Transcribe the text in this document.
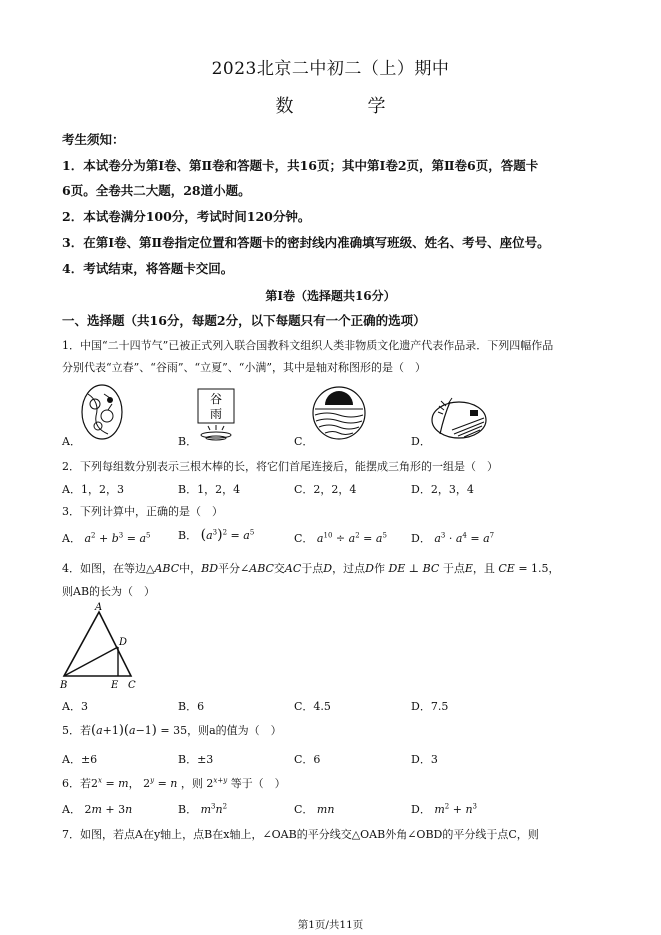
2023北京二中初二（上）期中
数　学
考生须知：
1．本试卷分为第Ⅰ卷、第Ⅱ卷和答题卡，共16页；其中第Ⅰ卷2页，第Ⅱ卷6页，答题卡
6页。全卷共二大题，28道小题。
2．本试卷满分100分，考试时间120分钟。
3．在第Ⅰ卷、第Ⅱ卷指定位置和答题卡的密封线内准确填写班级、姓名、考号、座位号。
4．考试结束，将答题卡交回。
第Ⅰ卷（选择题共16分）
一、选择题（共16分，每题2分，以下每题只有一个正确的选项）
1．中国“二十四节气”已被正式列入联合国教科文组织人类非物质文化遗产代表作品录．下列四幅作品
分别代表“立春”、“谷雨”、“立夏”、“小满”，其中是轴对称图形的是（　）
A．	B．	C．	D．
谷
雨
2．下列每组数分别表示三根木棒的长，将它们首尾连接后，能摆成三角形的一组是（　）
A．1，2，3	B．1，2，4	C．2，2，4	D．2，3，4
3．下列计算中，正确的是（　）
A． $a^2 + b^3 = a^5$	B． $(a^3)^2 = a^5$	C． $a^{10} \div a^2 = a^5$ D． $a^3 \cdot a^4 = a^7$
4．如图，在等边△ABC中，BD平分∠ABC交AC于点D，过点D作 DE ⊥ BC 于点E，且 CE = 1.5，
则AB的长为（　）
A
D
B	E C
A．3	B．6	C．4.5	D．7.5
5．若(a+1)(a−1) = 35，则a的值为（　）
A．±6	B．±3	C．6	D．3
6．若$2^x = m$， $2^y = n$ ，则 $2^{x+y}$ 等于（　）
A． 2m + 3n	B． $m^3n^2$	C． mn	D． $m^2 + n^3$
7．如图，若点A在y轴上，点B在x轴上，∠OAB的平分线交△OAB外角∠OBD的平分线于点C，则
第1页/共11页
